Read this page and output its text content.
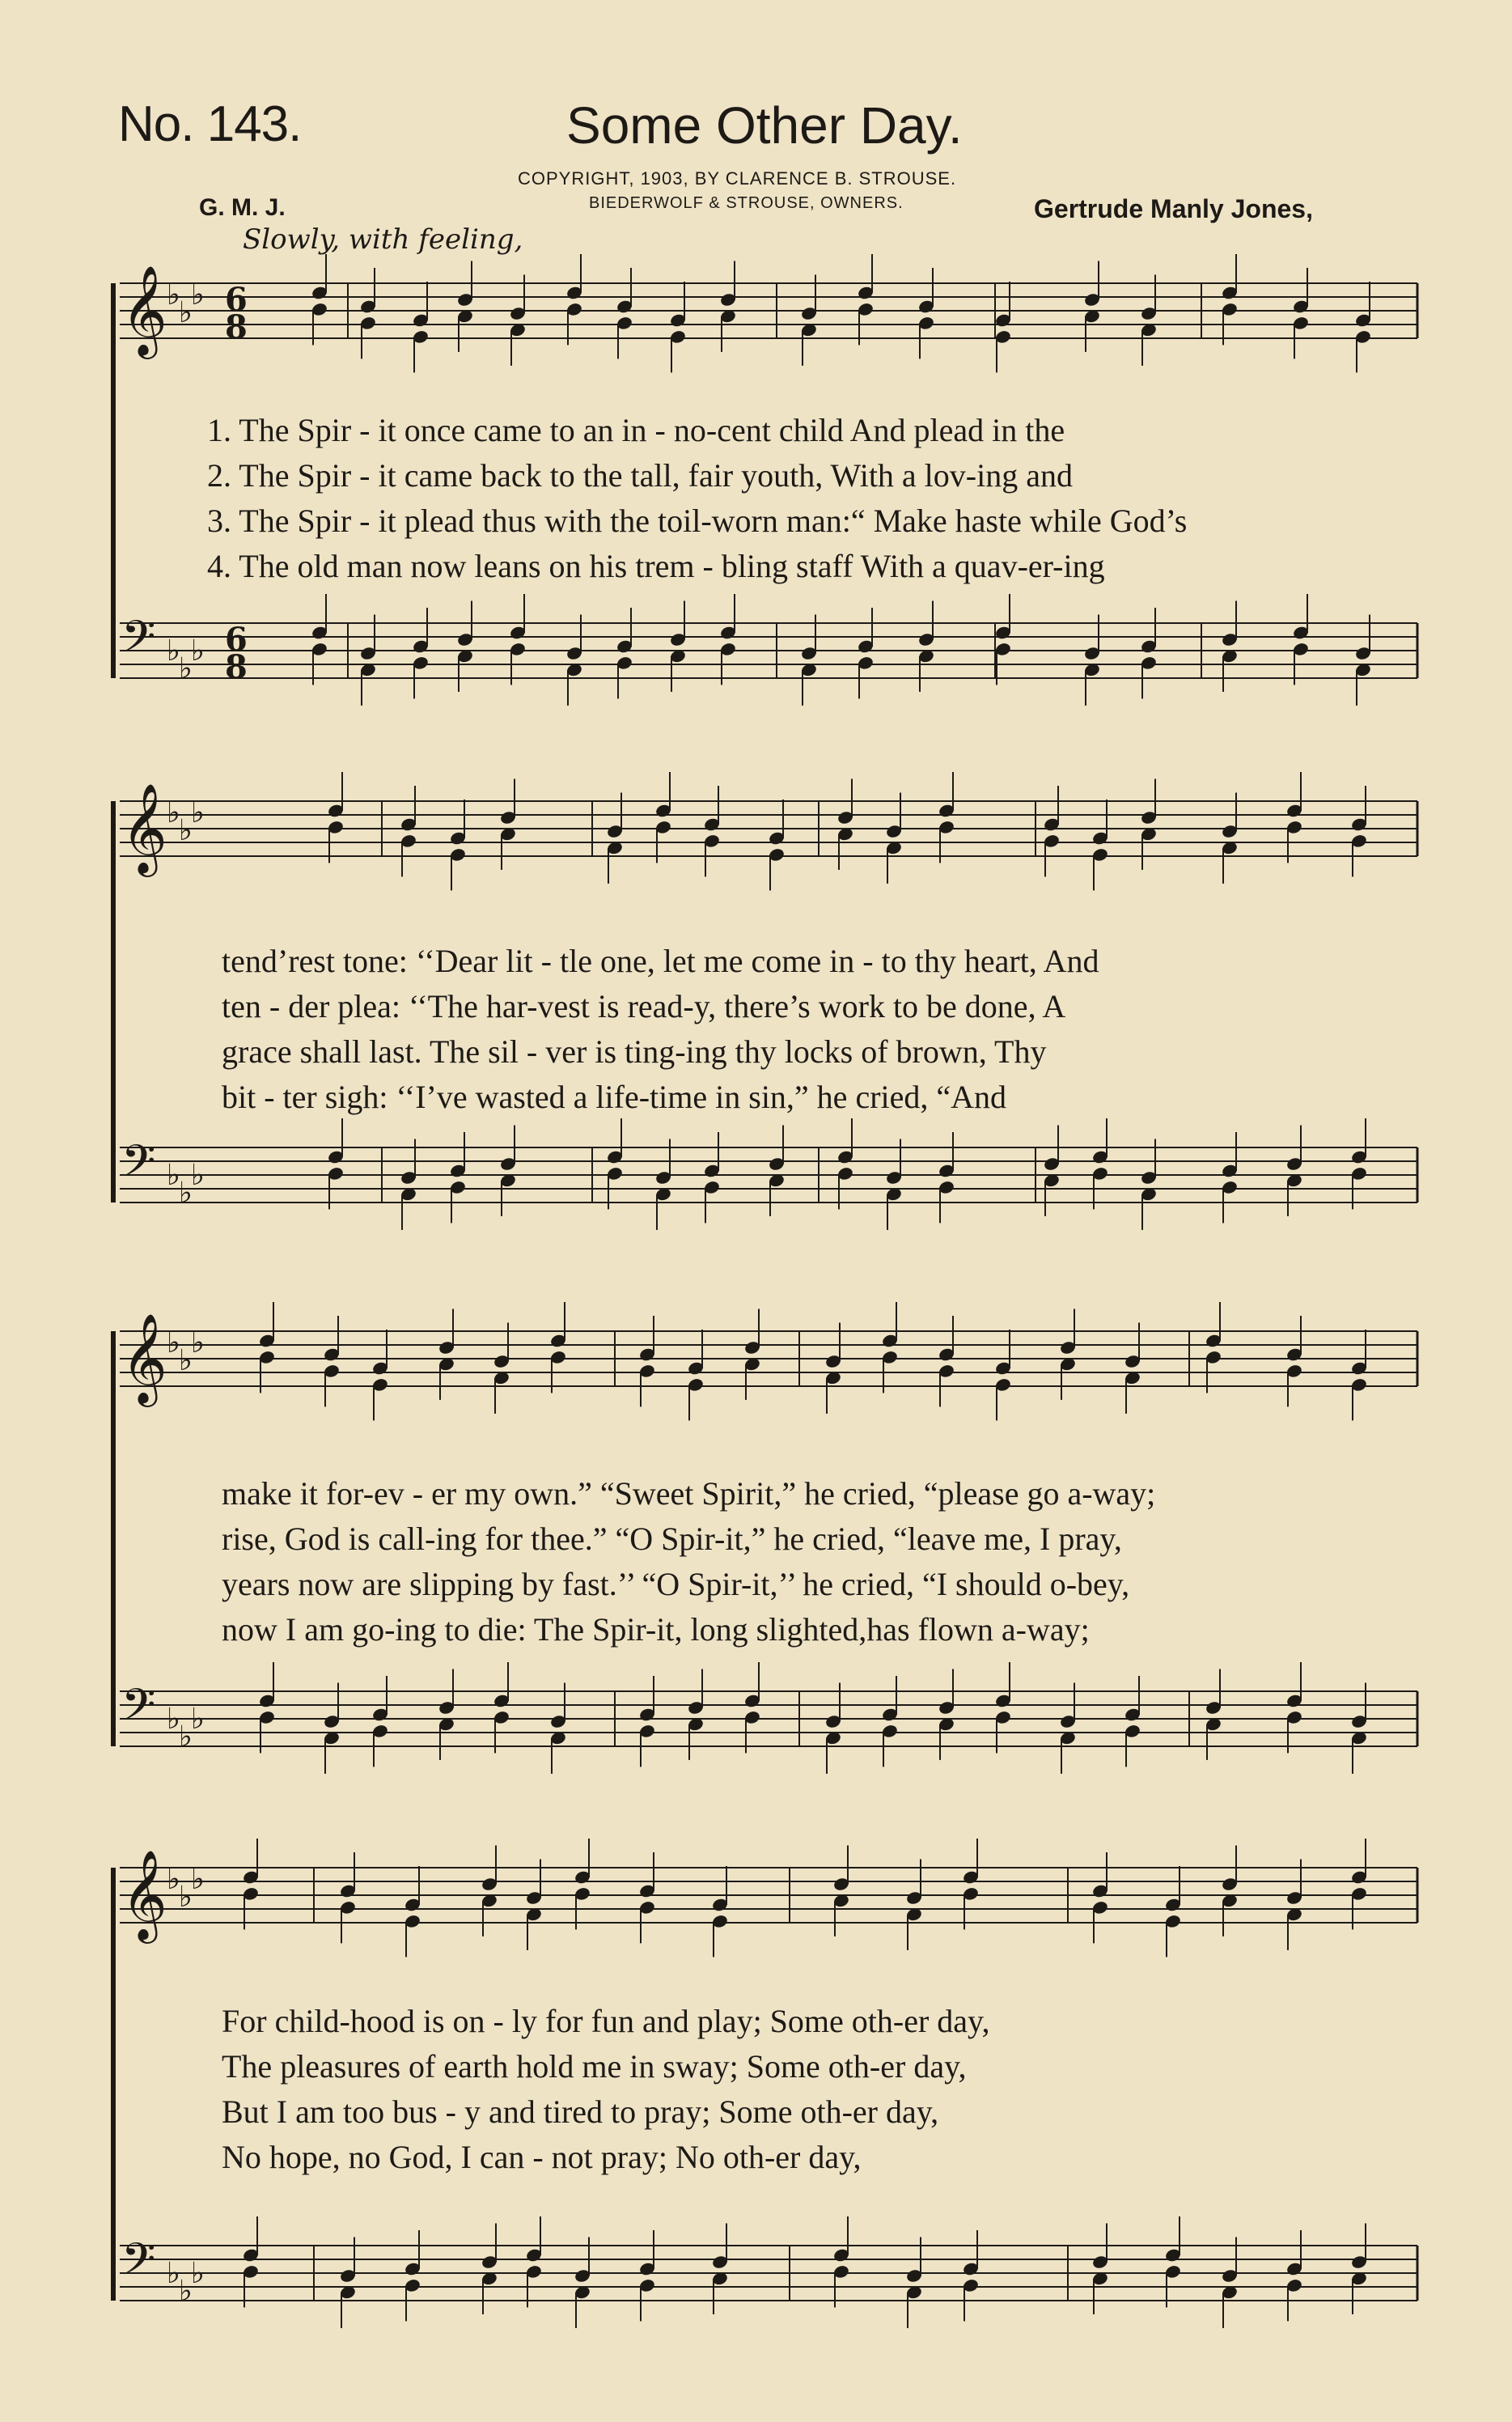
No. 143.	Some Other Day.
COPYRIGHT, 1903, BY CLARENCE B. STROUSE.
G. M. J.	BIEDERWOLF & STROUSE, OWNERS.	Gertrude Manly Jones,
Slowly, with feeling,
𝄞 ♭
♭
♭
𝄢 ♭
♭
♭
𝄞 ♭
♭
♭
𝄢 ♭
♭
♭
𝄞 ♭
♭
♭
𝄢 ♭
♭
♭
𝄞 ♭
♭
♭
𝄢 ♭
♭
♭
6
8
6
8
1. The Spir - it once came to an in - no-cent child And plead in the
2. The Spir - it came back to the tall, fair youth, With a lov-ing and
3. The Spir - it plead thus with the toil-worn man:“ Make haste while God’s
4. The old man now leans on his trem - bling staff With a quav-er-ing
tend’rest tone: ‘‘Dear lit - tle one, let me come in - to thy heart, And
ten - der plea: ‘‘The har-vest is read-y, there’s work to be done, A
grace shall last. The sil - ver is ting-ing thy locks of brown, Thy
bit - ter sigh: ‘‘I’ve wasted a life-time in sin,” he cried, “And
make it for-ev - er my own.” “Sweet Spirit,” he cried, “please go a-way;
rise, God is call-ing for thee.” “O Spir-it,” he cried, “leave me, I pray,
years now are slipping by fast.’’ “O Spir-it,’’ he cried, “I should o-bey,
now I am go-ing to die: The Spir-it, long slighted,has flown a-way;
For child-hood is on - ly for fun and play; Some oth-er day,
The pleasures of earth hold me in sway; Some oth-er day,
But I am too bus - y and tired to pray; Some oth-er day,
No hope, no God, I can - not pray; No oth-er day,
